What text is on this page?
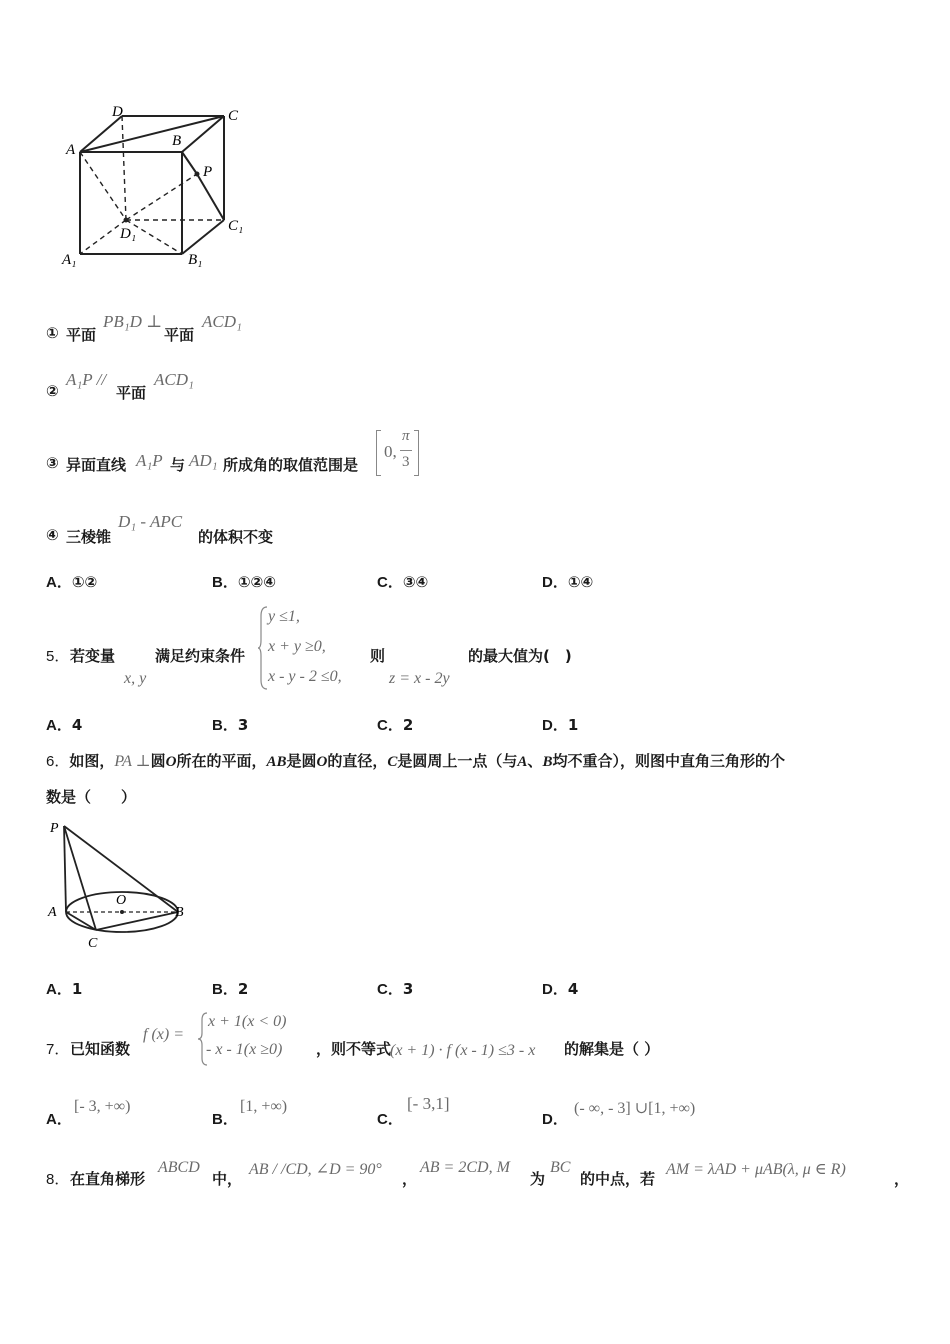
A
D	C
B
P
D₁	C₁
A₁	B₁
① 平面
PB₁D ⊥
平面
ACD₁
②
A₁P //
平面
ACD₁
③ 异面直线 A₁P 与 AD₁ 所成角的取值范围是
0,
π
3
④ 三棱锥
D₁ - APC
的体积不变
A．①②	B．①②④	C．③④	D．①④
5． 若变量
x, y
满足约束条件
y ≤1,
x + y ≥0,
x - y - 2 ≤0,
则
z = x - 2y
的最大值为(　)
A．4	B．3	C．2	D．1
6．如图，PA ⊥圆O所在的平面，AB是圆O的直径，C是圆周上一点（与A、B均不重合），则图中直角三角形的个
数是（　　）
P
O
A	B
C
A．1	B．2	C．3	D．4
7． 已知函数
f (x) =
x + 1(x < 0)
- x - 1(x ≥0) ，则不等式
(x + 1) · f (x - 1) ≤3 - x 的解集是（ ）
A．
[- 3, +∞)
B．
[1, +∞)
C．
[- 3,1]
D．
(- ∞, - 3] ∪[1, +∞)
8． 在直角梯形
ABCD
中，
AB / /CD, ∠D = 90°
，
AB = 2CD, M
为
BC
的中点，若
AM = λAD + μAB(λ, μ ∈ R)
，
